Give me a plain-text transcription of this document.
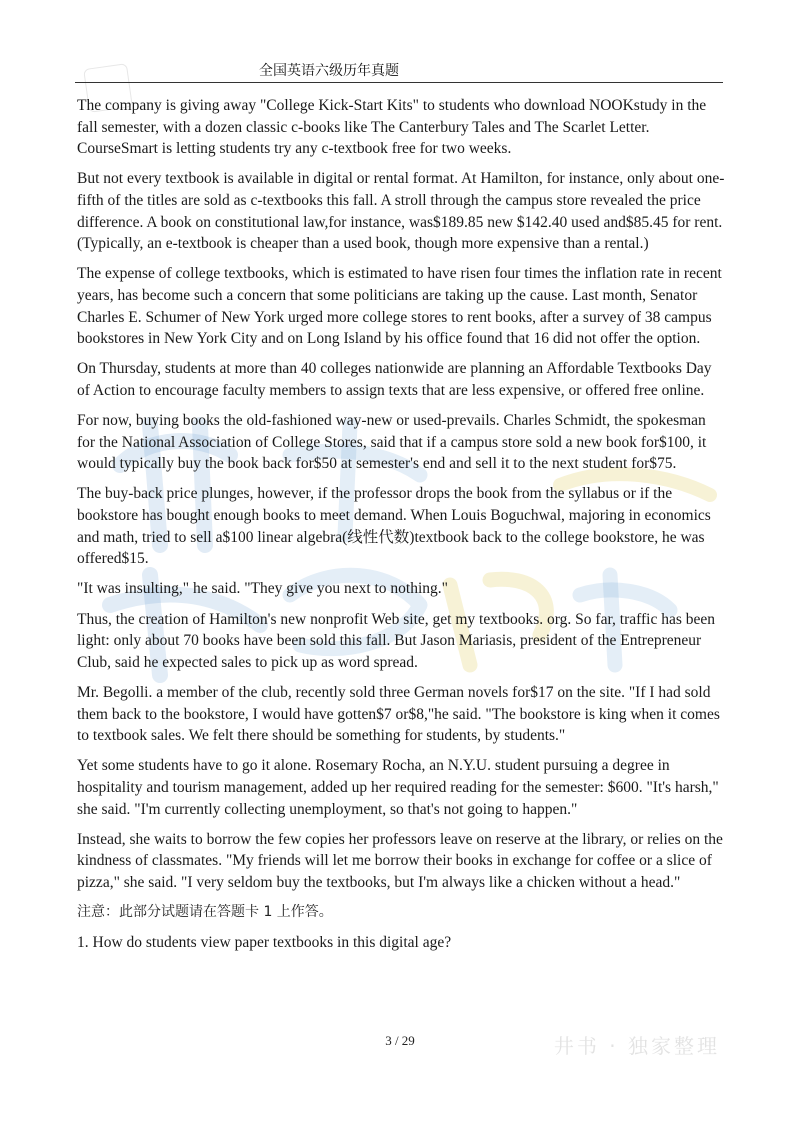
全国英语六级历年真题

The company is giving away "College Kick-Start Kits" to students who download NOOKstudy in the fall semester, with a dozen classic c-books like The Canterbury Tales and The Scarlet Letter. CourseSmart is letting students try any c-textbook free for two weeks.

But not every textbook is available in digital or rental format. At Hamilton, for instance, only about one-fifth of the titles are sold as c-textbooks this fall. A stroll through the campus store revealed the price difference. A book on constitutional law,for instance, was$189.85 new $142.40 used and$85.45 for rent. (Typically, an e-textbook is cheaper than a used book, though more expensive than a rental.)

The expense of college textbooks, which is estimated to have risen four times the inflation rate in recent years, has become such a concern that some politicians are taking up the cause. Last month, Senator Charles E. Schumer of New York urged more college stores to rent books, after a survey of 38 campus bookstores in New York City and on Long Island by his office found that 16 did not offer the option.

On Thursday, students at more than 40 colleges nationwide are planning an Affordable Textbooks Day of Action to encourage faculty members to assign texts that are less expensive, or offered free online.

For now, buying books the old-fashioned way-new or used-prevails. Charles Schmidt, the spokesman for the National Association of College Stores, said that if a campus store sold a new book for$100, it would typically buy the book back for$50 at semester's end and sell it to the next student for$75.

The buy-back price plunges, however, if the professor drops the book from the syllabus or if the bookstore has bought enough books to meet demand. When Louis Boguchwal, majoring in economics and math, tried to sell a$100 linear algebra(线性代数)textbook back to the college bookstore, he was offered$15.

"It was insulting," he said. "They give you next to nothing."

Thus, the creation of Hamilton's new nonprofit Web site, get my textbooks. org. So far, traffic has been light: only about 70 books have been sold this fall. But Jason Mariasis, president of the Entrepreneur Club, said he expected sales to pick up as word spread.

Mr. Begolli. a member of the club, recently sold three German novels for$17 on the site. "If I had sold them back to the bookstore, I would have gotten$7 or$8,"he said. "The bookstore is king when it comes to textbook sales. We felt there should be something for students, by students."

Yet some students have to go it alone. Rosemary Rocha, an N.Y.U. student pursuing a degree in hospitality and tourism management, added up her required reading for the semester: $600. "It's harsh," she said. "I'm currently collecting unemployment, so that's not going to happen."

Instead, she waits to borrow the few copies her professors leave on reserve at the library, or relies on the kindness of classmates. "My friends will let me borrow their books in exchange for coffee or a slice of pizza," she said. "I very seldom buy the textbooks, but I'm always like a chicken without a head."

注意：此部分试题请在答题卡 1 上作答。

1. How do students view paper textbooks in this digital age?

3 / 29	井书 · 独家整理
